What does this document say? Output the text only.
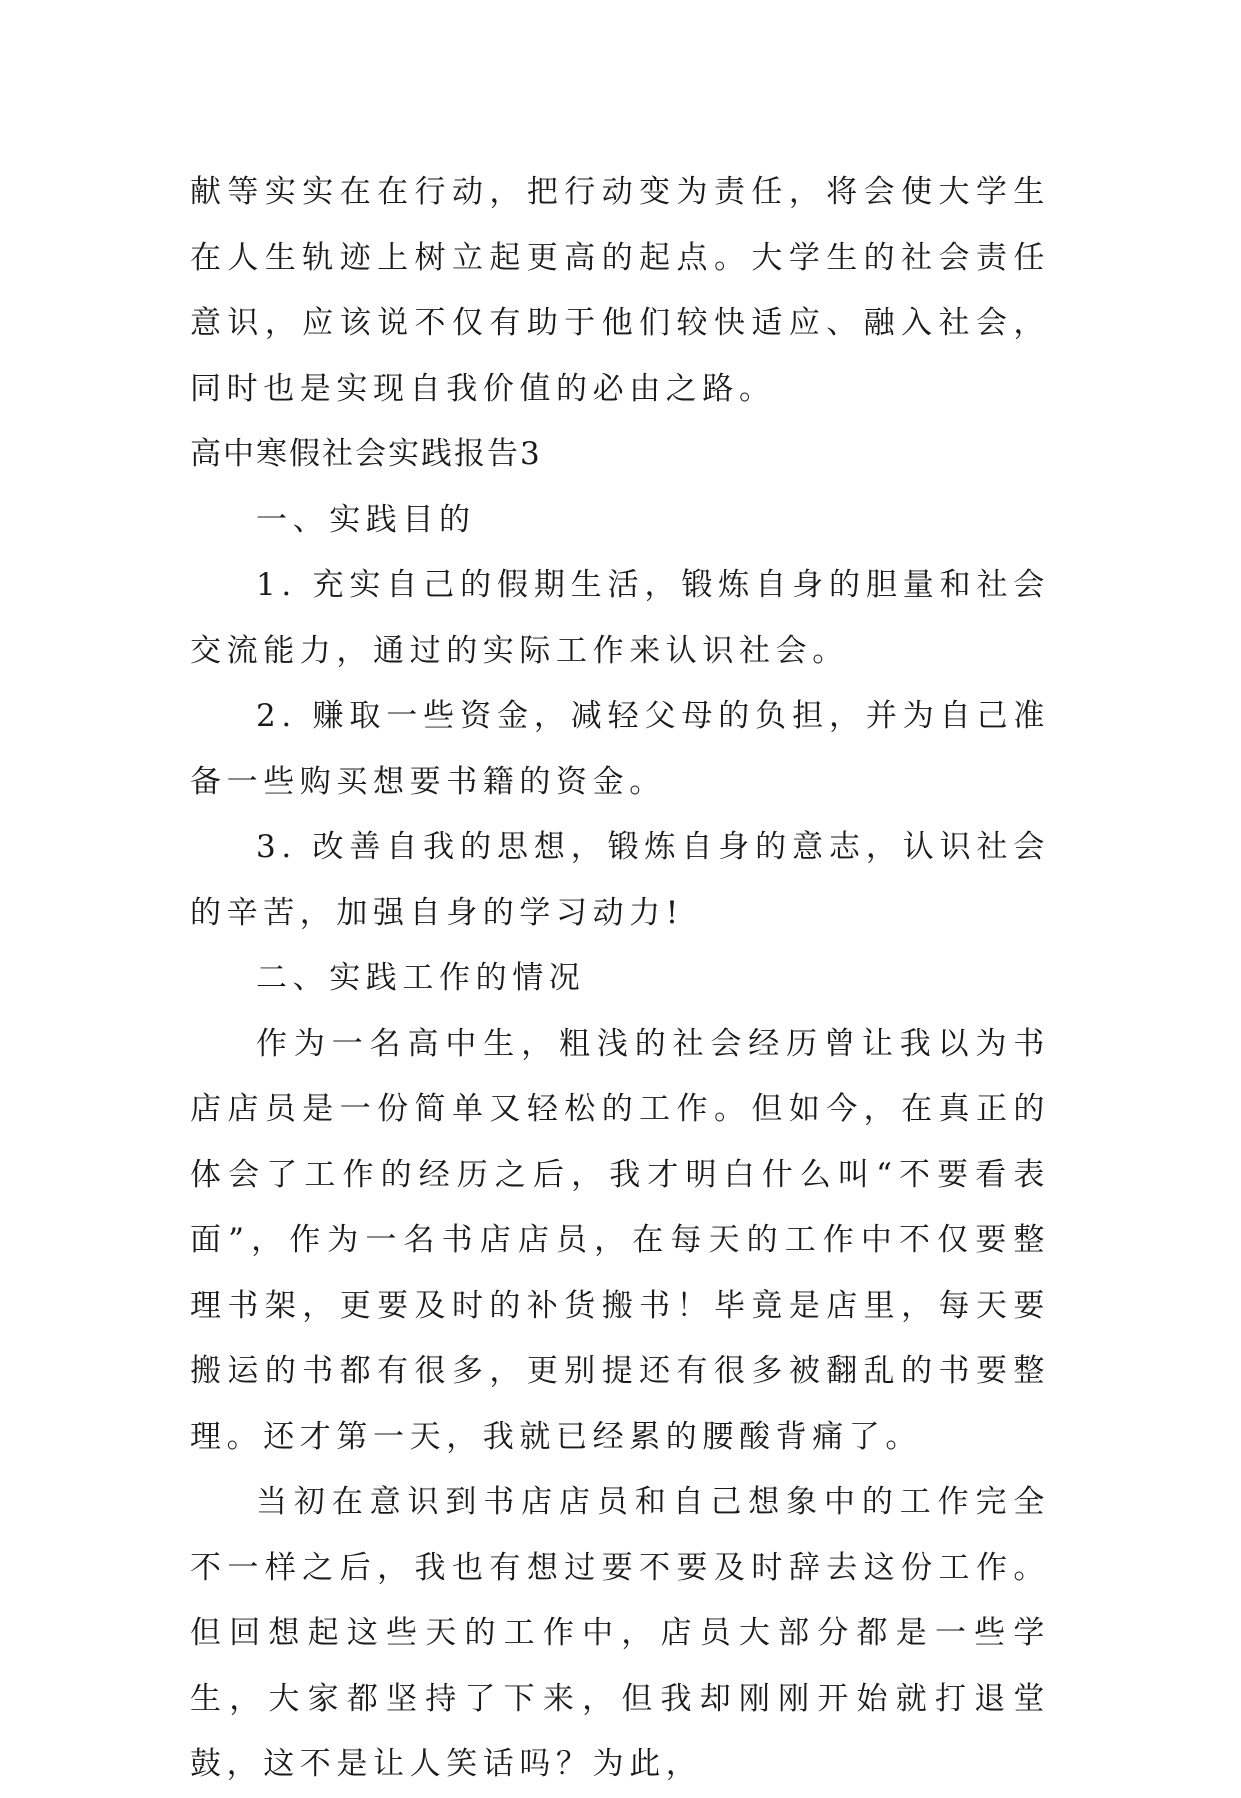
献等实实在在行动，把行动变为责任，将会使大学生在人生轨迹上树立起更高的起点。大学生的社会责任意识，应该说不仅有助于他们较快适应、融入社会，同时也是实现自我价值的必由之路。

高中寒假社会实践报告3
一、实践目的

1. 充实自己的假期生活，锻炼自身的胆量和社会交流能力，通过的实际工作来认识社会。

2. 赚取一些资金，减轻父母的负担，并为自己准备一些购买想要书籍的资金。

3. 改善自我的思想，锻炼自身的意志，认识社会的辛苦，加强自身的学习动力!

二、实践工作的情况

作为一名高中生，粗浅的社会经历曾让我以为书店店员是一份简单又轻松的工作。但如今，在真正的体会了工作的经历之后，我才明白什么叫“不要看表面”，作为一名书店店员，在每天的工作中不仅要整理书架，更要及时的补货搬书！毕竟是店里，每天要搬运的书都有很多，更别提还有很多被翻乱的书要整理。还才第一天，我就已经累的腰酸背痛了。

当初在意识到书店店员和自己想象中的工作完全不一样之后，我也有想过要不要及时辞去这份工作。但回想起这些天的工作中，店员大部分都是一些学生，大家都坚持了下来，但我却刚刚开始就打退堂鼓，这不是让人笑话吗？为此，
